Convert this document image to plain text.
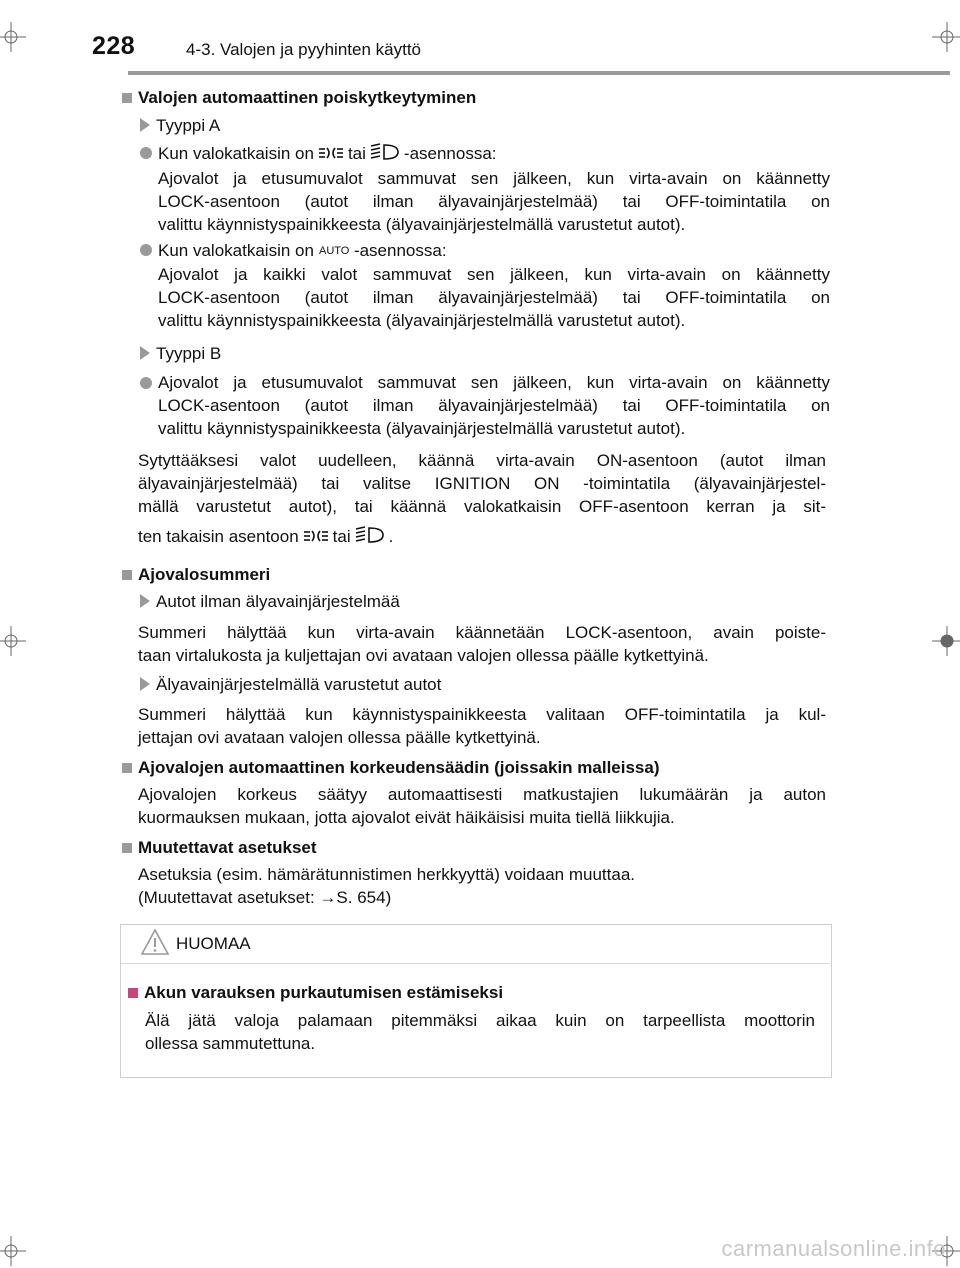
228	4-3. Valojen ja pyyhinten käyttö
Valojen automaattinen poiskytkeytyminen
Tyyppi A
Kun valokatkaisin on tai -asennossa:
Ajovalot ja etusumuvalot sammuvat sen jälkeen, kun virta-avain on käännetty
LOCK-asentoon (autot ilman älyavainjärjestelmää) tai OFF-toimintatila on
valittu käynnistyspainikkeesta (älyavainjärjestelmällä varustetut autot).
Kun valokatkaisin on AUTO -asennossa:
Ajovalot ja kaikki valot sammuvat sen jälkeen, kun virta-avain on käännetty
LOCK-asentoon (autot ilman älyavainjärjestelmää) tai OFF-toimintatila on
valittu käynnistyspainikkeesta (älyavainjärjestelmällä varustetut autot).
Tyyppi B
Ajovalot ja etusumuvalot sammuvat sen jälkeen, kun virta-avain on käännetty
LOCK-asentoon (autot ilman älyavainjärjestelmää) tai OFF-toimintatila on
valittu käynnistyspainikkeesta (älyavainjärjestelmällä varustetut autot).
Sytyttääksesi valot uudelleen, käännä virta-avain ON-asentoon (autot ilman
älyavainjärjestelmää) tai valitse IGNITION ON -toimintatila (älyavainjärjestel-
mällä varustetut autot), tai käännä valokatkaisin OFF-asentoon kerran ja sit-
ten takaisin asentoon tai .
Ajovalosummeri
Autot ilman älyavainjärjestelmää
Summeri hälyttää kun virta-avain käännetään LOCK-asentoon, avain poiste-
taan virtalukosta ja kuljettajan ovi avataan valojen ollessa päälle kytkettyinä.
Älyavainjärjestelmällä varustetut autot
Summeri hälyttää kun käynnistyspainikkeesta valitaan OFF-toimintatila ja kul-
jettajan ovi avataan valojen ollessa päälle kytkettyinä.
Ajovalojen automaattinen korkeudensäädin (joissakin malleissa)
Ajovalojen korkeus säätyy automaattisesti matkustajien lukumäärän ja auton
kuormauksen mukaan, jotta ajovalot eivät häikäisisi muita tiellä liikkujia.
Muutettavat asetukset
Asetuksia (esim. hämärätunnistimen herkkyyttä) voidaan muuttaa.
(Muutettavat asetukset: →S. 654)
HUOMAA
Akun varauksen purkautumisen estämiseksi
Älä jätä valoja palamaan pitemmäksi aikaa kuin on tarpeellista moottorin
ollessa sammutettuna.
carmanualsonline.info
